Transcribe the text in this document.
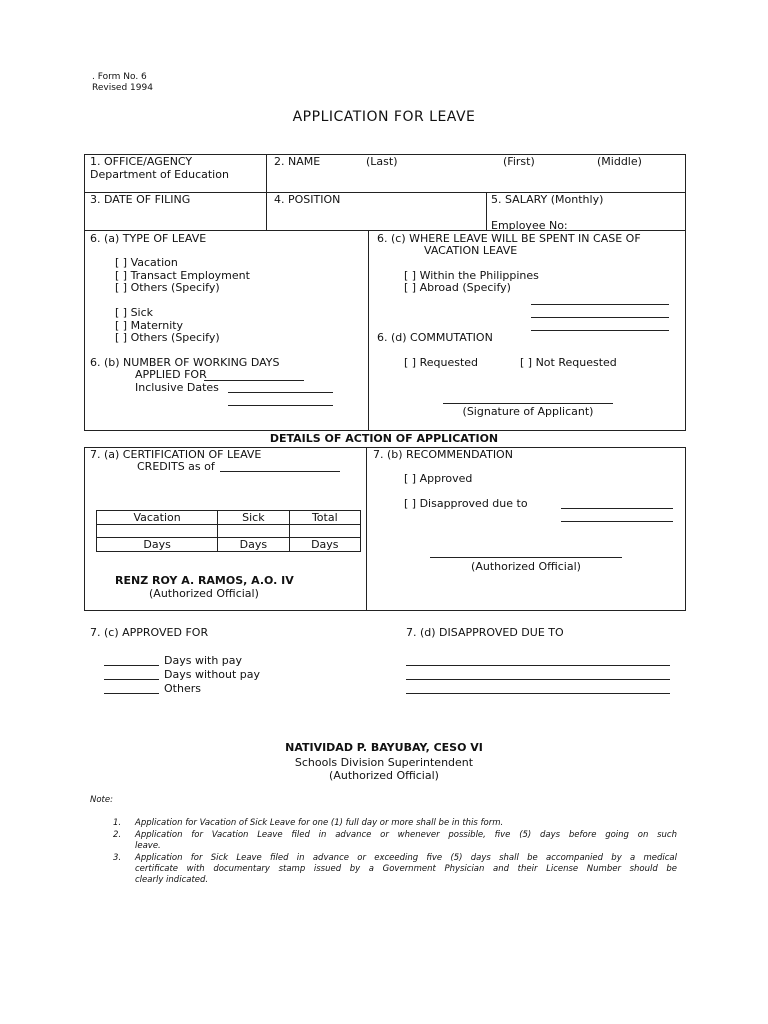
. Form No. 6
Revised 1994
APPLICATION FOR LEAVE
1. OFFICE/AGENCY
Department of Education
2. NAME	(Last)	(First)	(Middle)
3. DATE OF FILING	4. POSITION	5. SALARY (Monthly)
Employee No:
6. (a) TYPE OF LEAVE
[ ] Vacation
[ ] Transact Employment
[ ] Others (Specify)
[ ] Sick
[ ] Maternity
[ ] Others (Specify)
6. (b) NUMBER OF WORKING DAYS
APPLIED FOR
Inclusive Dates
6. (c) WHERE LEAVE WILL BE SPENT IN CASE OF
VACATION LEAVE
[ ] Within the Philippines
[ ] Abroad (Specify)
6. (d) COMMUTATION
[ ] Requested	[ ] Not Requested
(Signature of Applicant)
DETAILS OF ACTION OF APPLICATION
7. (a) CERTIFICATION OF LEAVE
CREDITS as of
Vacation	Sick	Total

Days	Days	Days
RENZ ROY A. RAMOS, A.O. IV
(Authorized Official)
7. (b) RECOMMENDATION
[ ] Approved
[ ] Disapproved due to
(Authorized Official)
7. (c) APPROVED FOR
Days with pay
Days without pay
Others
7. (d) DISAPPROVED DUE TO
NATIVIDAD P. BAYUBAY, CESO VI
Schools Division Superintendent
(Authorized Official)
Note:
1. Application for Vacation of Sick Leave for one (1) full day or more shall be in this form.
2. Application for Vacation Leave filed in advance or whenever possible, five (5) days before going on such
leave.
3. Application for Sick Leave filed in advance or exceeding five (5) days shall be accompanied by a medical
certificate with documentary stamp issued by a Government Physician and their License Number should be
clearly indicated.
